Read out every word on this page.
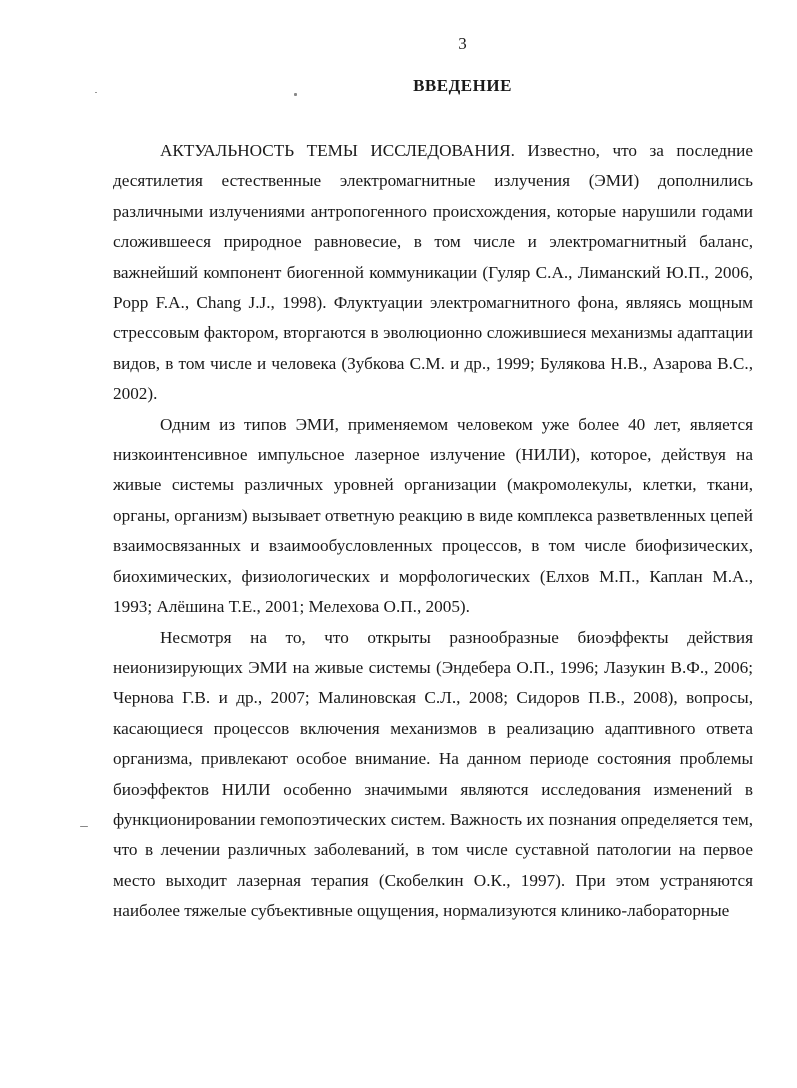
3
ВВЕДЕНИЕ

АКТУАЛЬНОСТЬ ТЕМЫ ИССЛЕДОВАНИЯ. Известно, что за последние десятилетия естественные электромагнитные излучения (ЭМИ) дополнились различными излучениями антропогенного происхождения, которые нарушили годами сложившееся природное равновесие, в том числе и электромагнитный баланс, важнейший компонент биогенной коммуникации (Гуляр С.А., Лиманский Ю.П., 2006, Popp F.A., Chang J.J., 1998). Флуктуации электромагнитного фона, являясь мощным стрессовым фактором, вторгаются в эволюционно сложившиеся механизмы адаптации видов, в том числе и человека (Зубкова С.М. и др., 1999; Булякова Н.В., Азарова В.С., 2002).

Одним из типов ЭМИ, применяемом человеком уже более 40 лет, является низкоинтенсивное импульсное лазерное излучение (НИЛИ), которое, действуя на живые системы различных уровней организации (макромолекулы, клетки, ткани, органы, организм) вызывает ответную реакцию в виде комплекса разветвленных цепей взаимосвязанных и взаимообусловленных процессов, в том числе биофизических, биохимических, физиологических и морфологических (Елхов М.П., Каплан М.А., 1993; Алёшина Т.Е., 2001; Мелехова О.П., 2005).

Несмотря на то, что открыты разнообразные биоэффекты действия неионизирующих ЭМИ на живые системы (Эндебера О.П., 1996; Лазукин В.Ф., 2006; Чернова Г.В. и др., 2007; Малиновская С.Л., 2008; Сидоров П.В., 2008), вопросы, касающиеся процессов включения механизмов в реализацию адаптивного ответа организма, привлекают особое внимание. На данном периоде состояния проблемы биоэффектов НИЛИ особенно значимыми являются исследования изменений в функционировании гемопоэтических систем. Важность их познания определяется тем, что в лечении различных заболеваний, в том числе суставной патологии на первое место выходит лазерная терапия (Скобелкин О.К., 1997). При этом устраняются наиболее тяжелые субъективные ощущения, нормализуются клинико-лабораторные
